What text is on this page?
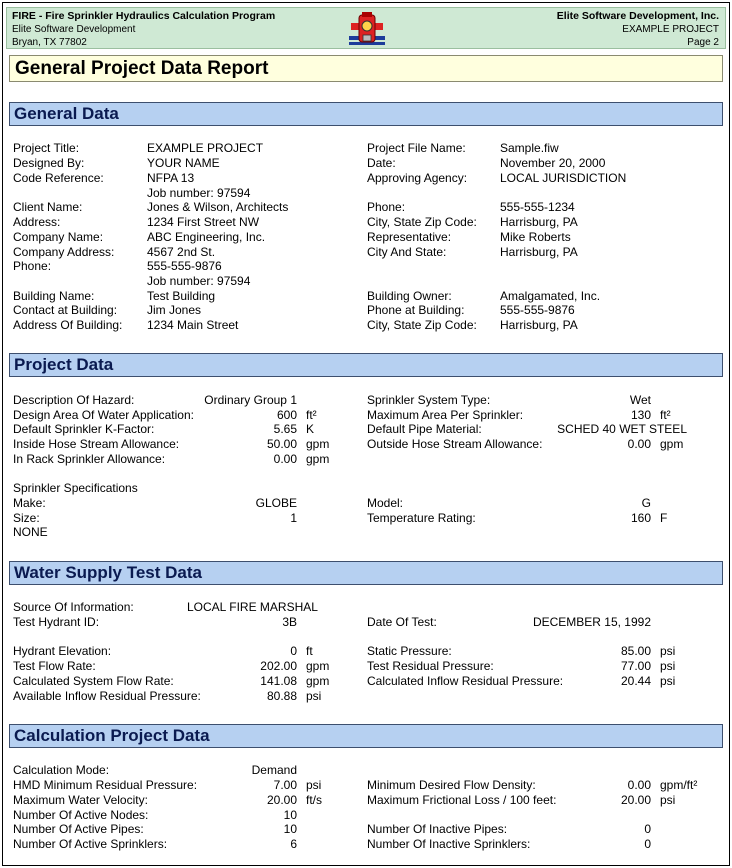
FIRE - Fire Sprinkler Hydraulics Calculation Program
Elite Software Development
Bryan, TX 77802
Elite Software Development, Inc.
EXAMPLE PROJECT
Page 2
General Project Data Report
General Data
Project Title:	EXAMPLE PROJECT
Designed By:	YOUR NAME
Code Reference:	NFPA 13
Job number: 97594
Client Name:	Jones & Wilson, Architects
Address:	1234 First Street NW
Company Name:	ABC Engineering, Inc.
Company Address:	4567 2nd St.
Phone:	555-555-9876
Job number: 97594
Building Name:	Test Building
Contact at Building: Jim Jones
Address Of Building: 1234 Main Street
Project File Name:	Sample.fiw
Date:	November 20, 2000
Approving Agency:	LOCAL JURISDICTION
Phone:	555-555-1234
City, State Zip Code: Harrisburg, PA
Representative:	Mike Roberts
City And State:	Harrisburg, PA
Building Owner:	Amalgamated, Inc.
Phone at Building:	555-555-9876
City, State Zip Code: Harrisburg, PA
Project Data
Description Of Hazard:	Ordinary Group 1
Design Area Of Water Application:	600 ft²
Default Sprinkler K-Factor:	5.65 K
Inside Hose Stream Allowance:	50.00 gpm
In Rack Sprinkler Allowance:	0.00 gpm
Sprinkler System Type:	Wet
Maximum Area Per Sprinkler:	130 ft²
Default Pipe Material:	SCHED 40 WET STEEL
Outside Hose Stream Allowance:	0.00 gpm
Sprinkler Specifications
Make:	GLOBE
Size:	1
NONE
Model:	G
Temperature Rating:	160 F
Water Supply Test Data
Source Of Information:	LOCAL FIRE MARSHAL
Test Hydrant ID:	3B	Date Of Test:	DECEMBER 15, 1992
Hydrant Elevation:	0 ft
Test Flow Rate:	202.00 gpm
Calculated System Flow Rate:	141.08 gpm
Available Inflow Residual Pressure:	80.88 psi
Static Pressure:	85.00 psi
Test Residual Pressure:	77.00 psi
Calculated Inflow Residual Pressure:	20.44 psi
Calculation Project Data
Calculation Mode:	Demand
HMD Minimum Residual Pressure:	7.00 psi
Maximum Water Velocity:	20.00 ft/s
Number Of Active Nodes:	10
Number Of Active Pipes:	10
Number Of Active Sprinklers:	6
Minimum Desired Flow Density:	0.00 gpm/ft²
Maximum Frictional Loss / 100 feet:	20.00 psi
Number Of Inactive Pipes:	0
Number Of Inactive Sprinklers:	0
